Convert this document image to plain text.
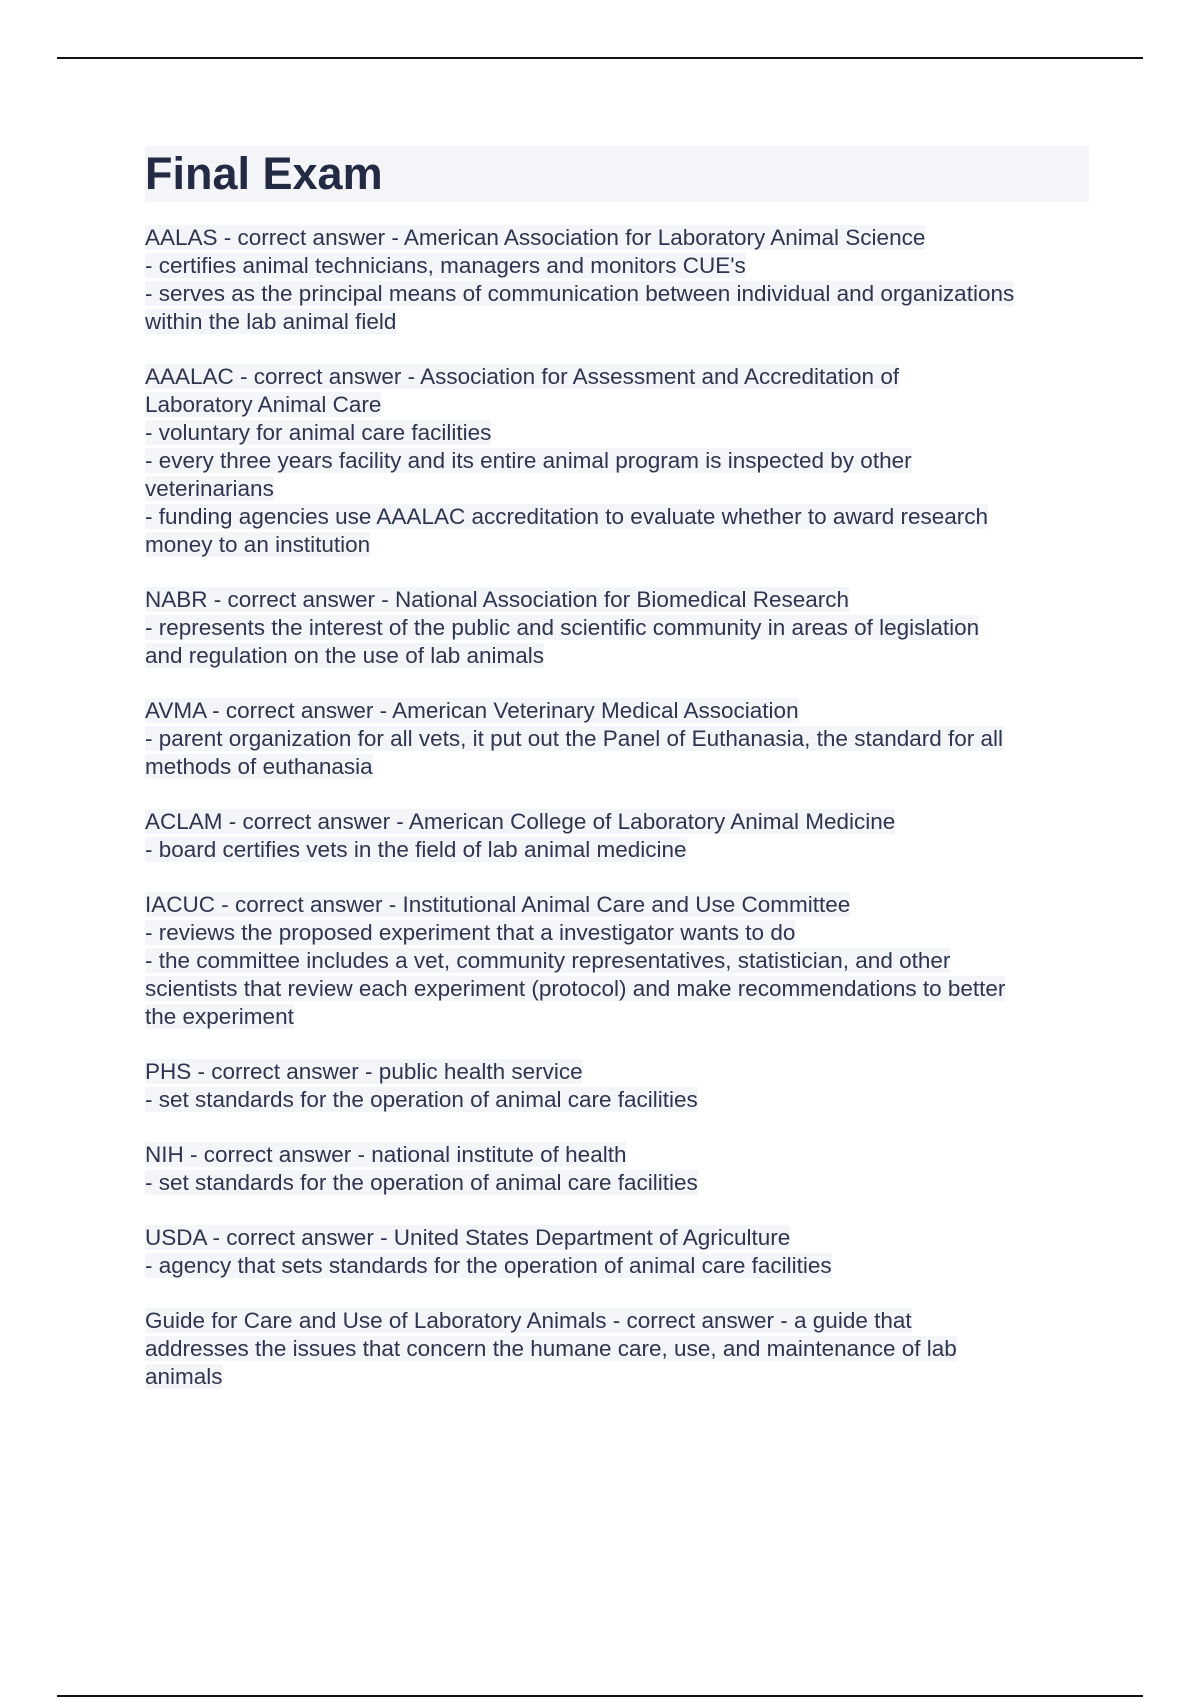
Final Exam
AALAS - correct answer - American Association for Laboratory Animal Science
- certifies animal technicians, managers and monitors CUE's
- serves as the principal means of communication between individual and organizations
within the lab animal field
AAALAC - correct answer - Association for Assessment and Accreditation of
Laboratory Animal Care
- voluntary for animal care facilities
- every three years facility and its entire animal program is inspected by other
veterinarians
- funding agencies use AAALAC accreditation to evaluate whether to award research
money to an institution
NABR - correct answer - National Association for Biomedical Research
- represents the interest of the public and scientific community in areas of legislation
and regulation on the use of lab animals
AVMA - correct answer - American Veterinary Medical Association
- parent organization for all vets, it put out the Panel of Euthanasia, the standard for all
methods of euthanasia
ACLAM - correct answer - American College of Laboratory Animal Medicine
- board certifies vets in the field of lab animal medicine
IACUC - correct answer - Institutional Animal Care and Use Committee
- reviews the proposed experiment that a investigator wants to do
- the committee includes a vet, community representatives, statistician, and other
scientists that review each experiment (protocol) and make recommendations to better
the experiment
PHS - correct answer - public health service
- set standards for the operation of animal care facilities
NIH - correct answer - national institute of health
- set standards for the operation of animal care facilities
USDA - correct answer - United States Department of Agriculture
- agency that sets standards for the operation of animal care facilities
Guide for Care and Use of Laboratory Animals - correct answer - a guide that
addresses the issues that concern the humane care, use, and maintenance of lab
animals
